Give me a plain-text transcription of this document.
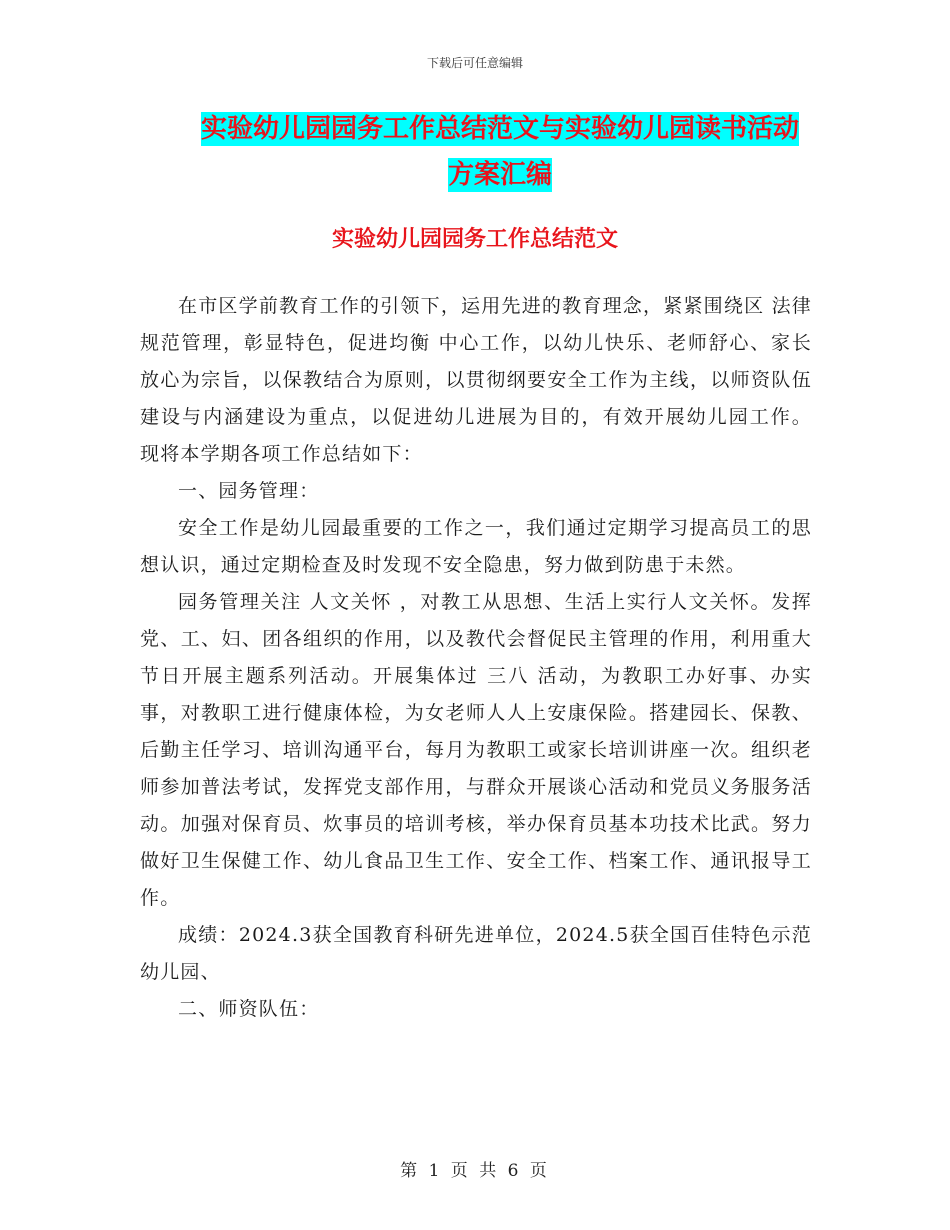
下载后可任意编辑
实验幼儿园园务工作总结范文与实验幼儿园读书活动
方案汇编
实验幼儿园园务工作总结范文

在市区学前教育工作的引领下，运用先进的教育理念，紧紧围绕区 法律规范管理，彰显特色，促进均衡 中心工作，以幼儿快乐、老师舒心、家长放心为宗旨，以保教结合为原则，以贯彻纲要安全工作为主线，以师资队伍建设与内涵建设为重点，以促进幼儿进展为目的，有效开展幼儿园工作。 现将本学期各项工作总结如下：

一、园务管理：

安全工作是幼儿园最重要的工作之一，我们通过定期学习提高员工的思想认识，通过定期检查及时发现不安全隐患，努力做到防患于未然。

园务管理关注 人文关怀 ，对教工从思想、生活上实行人文关怀。发挥党、工、妇、团各组织的作用，以及教代会督促民主管理的作用，利用重大节日开展主题系列活动。开展集体过 三八 活动，为教职工办好事、办实事，对教职工进行健康体检，为女老师人人上安康保险。搭建园长、保教、后勤主任学习、培训沟通平台，每月为教职工或家长培训讲座一次。组织老师参加普法考试，发挥党支部作用，与群众开展谈心活动和党员义务服务活动。加强对保育员、炊事员的培训考核，举办保育员基本功技术比武。努力做好卫生保健工作、幼儿食品卫生工作、安全工作、档案工作、通讯报导工作。

成绩：2024.3获全国教育科研先进单位，2024.5获全国百佳特色示范幼儿园、

二、师资队伍：

第 1 页 共 6 页
